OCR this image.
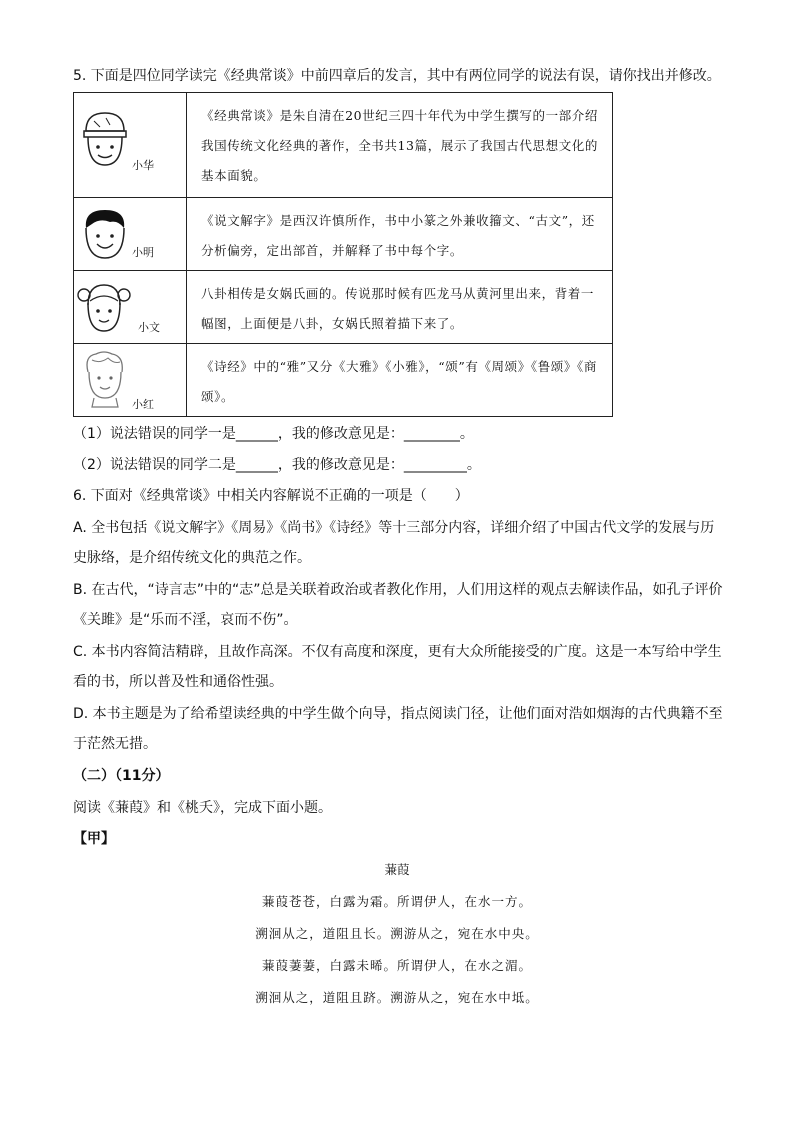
5. 下面是四位同学读完《经典常谈》中前四章后的发言，其中有两位同学的说法有误，请你找出并修改。
小华	《经典常谈》是朱自清在20世纪三四十年代为中学生撰写的一部介绍我国传统文化经典的著作，全书共13篇，展示了我国古代思想文化的基本面貌。

小明	《说文解字》是西汉许慎所作，书中小篆之外兼收籀文、“古文”，还分析偏旁，定出部首，并解释了书中每个字。

小文	八卦相传是女娲氏画的。传说那时候有匹龙马从黄河里出来，背着一幅图，上面便是八卦，女娲氏照着描下来了。

小红	《诗经》中的“雅”又分《大雅》《小雅》，“颂”有《周颂》《鲁颂》《商颂》。
（1）说法错误的同学一是______，我的修改意见是：________。
（2）说法错误的同学二是______，我的修改意见是：_________。
6. 下面对《经典常谈》中相关内容解说不正确的一项是（　　）
A. 全书包括《说文解字》《周易》《尚书》《诗经》等十三部分内容，详细介绍了中国古代文学的发展与历史脉络，是介绍传统文化的典范之作。
B. 在古代，“诗言志”中的“志”总是关联着政治或者教化作用，人们用这样的观点去解读作品，如孔子评价《关雎》是“乐而不淫，哀而不伤”。
C. 本书内容简洁精辟，且故作高深。不仅有高度和深度，更有大众所能接受的广度。这是一本写给中学生看的书，所以普及性和通俗性强。
D. 本书主题是为了给希望读经典的中学生做个向导，指点阅读门径，让他们面对浩如烟海的古代典籍不至于茫然无措。
（二）（11分）
阅读《蒹葭》和《桃夭》，完成下面小题。
【甲】
蒹葭
蒹葭苍苍，白露为霜。所谓伊人，在水一方。
溯洄从之，道阻且长。溯游从之，宛在水中央。
蒹葭萋萋，白露未晞。所谓伊人，在水之湄。
溯洄从之，道阻且跻。溯游从之，宛在水中坻。
